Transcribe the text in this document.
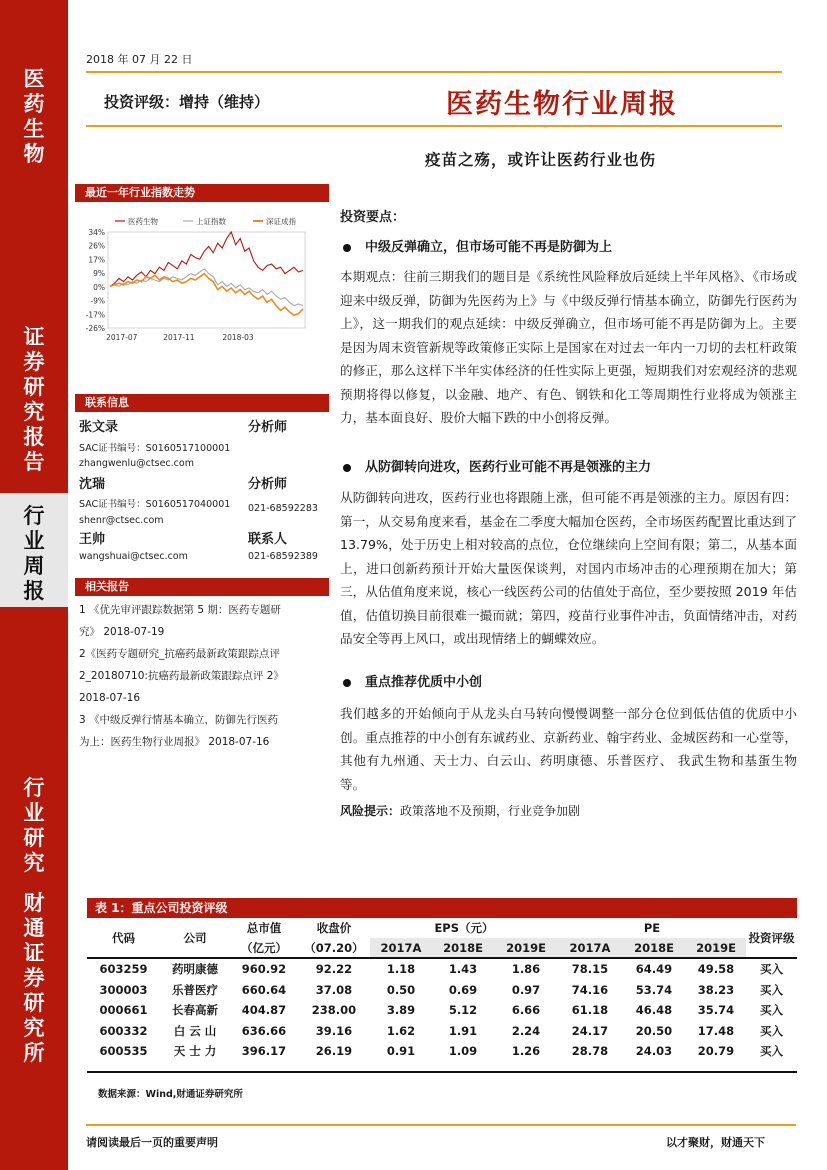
医
药
生
物
证
券
研
究
报
告
行
业
周
报
行
业
研
究
财
通
证
券
研
究
所
2018 年 07 月 22 日
投资评级：增持（维持）	医药生物行业周报
疫苗之殇，或许让医药行业也伤
最近一年行业指数走势
34%
26%
17%
9%
0%
-9%
-17%
-26%
2017-07	2017-11	2018-03
医药生物	上证指数	深证成指
联系信息
张文录	分析师
SAC证书编号：S0160517100001
zhangwenlu@ctsec.com
沈瑞	分析师
SAC证书编号：S0160517040001 021-68592283
shenr@ctsec.com
王帅	联系人
wangshuai@ctsec.com	021-68592389
相关报告
1 《优先审评跟踪数据第 5 期：医药专题研
究》 2018-07-19
2《医药专题研究_抗癌药最新政策跟踪点评
2_20180710:抗癌药最新政策跟踪点评 2》
2018-07-16
3 《中级反弹行情基本确立，防御先行医药
为上：医药生物行业周报》 2018-07-16
投资要点：
中级反弹确立，但市场可能不再是防御为上
本期观点：往前三期我们的题目是《系统性风险释放后延续上半年风格》、《市场或迎来中级反弹，防御为先医药为上》与《中级反弹行情基本确立，防御先行医药为上》，这一期我们的观点延续：中级反弹确立，但市场可能不再是防御为上。主要是因为周末资管新规等政策修正实际上是国家在对过去一年内一刀切的去杠杆政策的修正，那么这样下半年实体经济的任性实际上更强，短期我们对宏观经济的悲观预期将得以修复，以金融、地产、有色、钢铁和化工等周期性行业将成为领涨主力，基本面良好、股价大幅下跌的中小创将反弹。
从防御转向进攻，医药行业可能不再是领涨的主力
从防御转向进攻，医药行业也将跟随上涨，但可能不再是领涨的主力。原因有四：第一，从交易角度来看，基金在二季度大幅加仓医药，全市场医药配置比重达到了 13.79%，处于历史上相对较高的点位，仓位继续向上空间有限；第二，从基本面上，进口创新药预计开始大量医保谈判，对国内市场冲击的心理预期在加大；第三，从估值角度来说，核心一线医药公司的估值处于高位，至少要按照 2019 年估值，估值切换目前很难一撮而就；第四，疫苗行业事件冲击，负面情绪冲击，对药品安全等再上风口，或出现情绪上的蝴蝶效应。
重点推荐优质中小创
我们越多的开始倾向于从龙头白马转向慢慢调整一部分仓位到低估值的优质中小创。重点推荐的中小创有东诚药业、京新药业、翰宇药业、金城医药和一心堂等，其他有九州通、天士力、白云山、药明康德、乐普医疗、 我武生物和基蛋生物等。
风险提示：政策落地不及预期，行业竞争加剧
表 1：重点公司投资评级
代码	公司	总市值	收盘价	EPS（元）			PE			投资评级
		（亿元）	（07.20）	2017A	2018E	2019E	2017A	2018E	2019E	

603259	药明康德	960.92	92.22	1.18	1.43	1.86	78.15	64.49	49.58	买入
300003	乐普医疗	660.64	37.08	0.50	0.69	0.97	74.16	53.74	38.23	买入
000661	长春高新	404.87	238.00	3.89	5.12	6.66	61.18	46.48	35.74	买入
600332	白 云 山	636.66	39.16	1.62	1.91	2.24	24.17	20.50	17.48	买入
600535	天 士 力	396.17	26.19	0.91	1.09	1.26	28.78	24.03	20.79	买入
数据来源：Wind,财通证券研究所
请阅读最后一页的重要声明	以才聚财，财通天下
